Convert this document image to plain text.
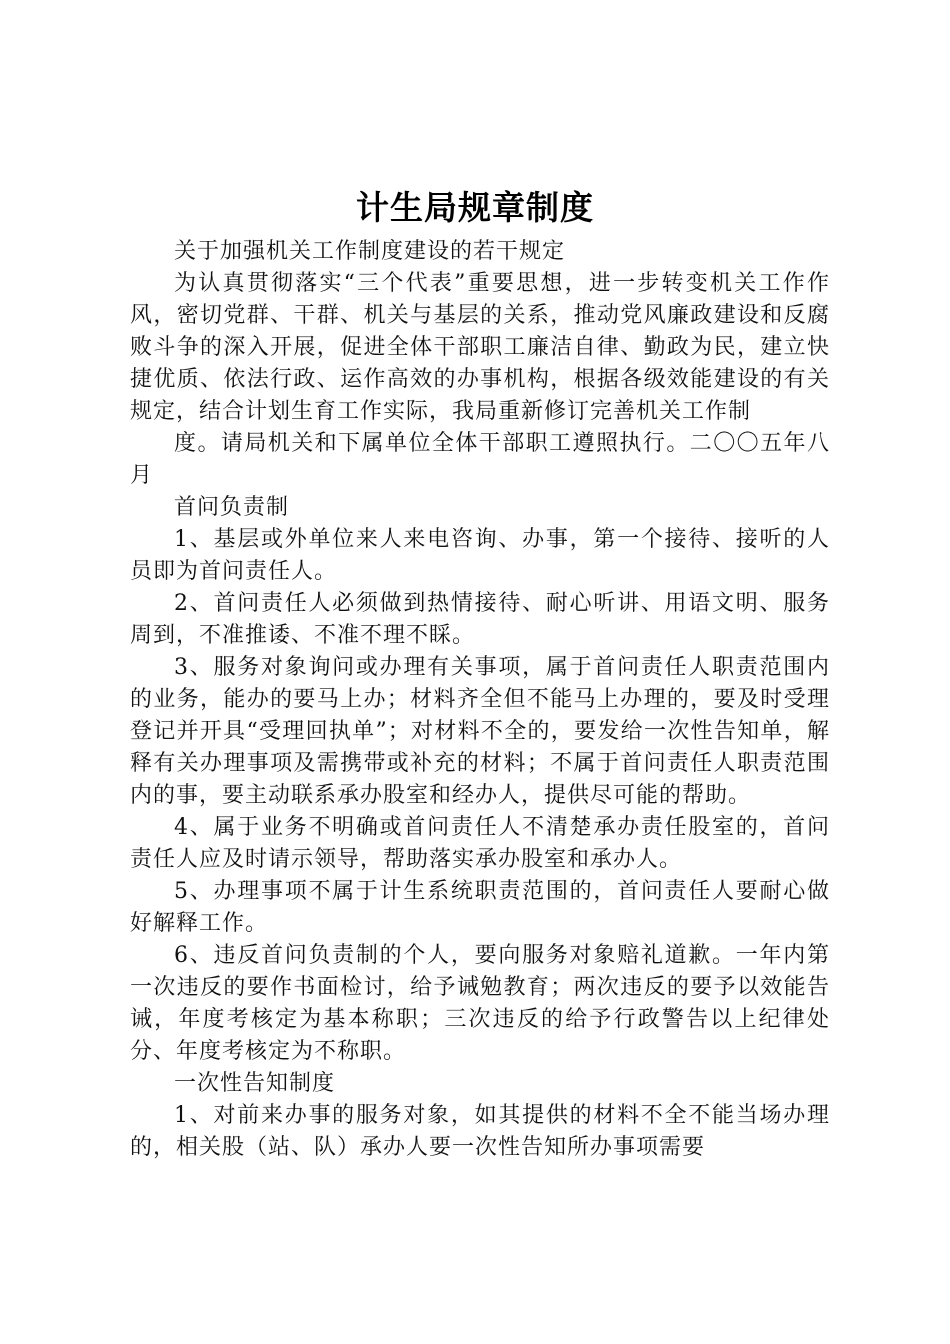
计生局规章制度

关于加强机关工作制度建设的若干规定

为认真贯彻落实“三个代表”重要思想，进一步转变机关工作作风，密切党群、干群、机关与基层的关系，推动党风廉政建设和反腐败斗争的深入开展，促进全体干部职工廉洁自律、勤政为民，建立快捷优质、依法行政、运作高效的办事机构，根据各级效能建设的有关规定，结合计划生育工作实际，我局重新修订完善机关工作制

度。请局机关和下属单位全体干部职工遵照执行。二〇〇五年八月

首问负责制

1、基层或外单位来人来电咨询、办事，第一个接待、接听的人员即为首问责任人。

2、首问责任人必须做到热情接待、耐心听讲、用语文明、服务周到，不准推诿、不准不理不睬。

3、服务对象询问或办理有关事项，属于首问责任人职责范围内的业务，能办的要马上办；材料齐全但不能马上办理的，要及时受理登记并开具“受理回执单”；对材料不全的，要发给一次性告知单，解释有关办理事项及需携带或补充的材料；不属于首问责任人职责范围内的事，要主动联系承办股室和经办人，提供尽可能的帮助。

4、属于业务不明确或首问责任人不清楚承办责任股室的，首问责任人应及时请示领导，帮助落实承办股室和承办人。

5、办理事项不属于计生系统职责范围的，首问责任人要耐心做好解释工作。

6、违反首问负责制的个人，要向服务对象赔礼道歉。一年内第一次违反的要作书面检讨，给予诫勉教育；两次违反的要予以效能告诫，年度考核定为基本称职；三次违反的给予行政警告以上纪律处分、年度考核定为不称职。

一次性告知制度

1、对前来办事的服务对象，如其提供的材料不全不能当场办理的，相关股（站、队）承办人要一次性告知所办事项需要
